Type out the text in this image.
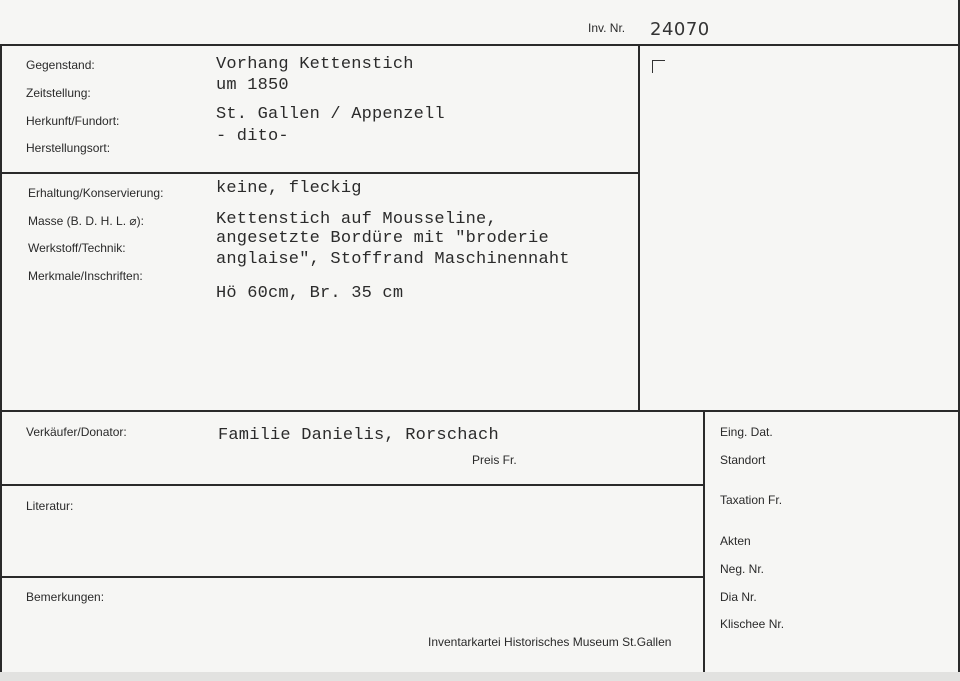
Inv. Nr. 24070
Gegenstand:
Zeitstellung:
Herkunft/Fundort:
Herstellungsort:
Vorhang Kettenstich
um 1850
St. Gallen / Appenzell
- dito-
Erhaltung/Konservierung:
Masse (B. D. H. L. ⌀):
Werkstoff/Technik:
Merkmale/Inschriften:
keine, fleckig
Kettenstich auf Mousseline,
angesetzte Bordüre mit "broderie
anglaise", Stoffrand Maschinennaht
Hö 60cm, Br. 35 cm
Verkäufer/Donator:	Familie Danielis, Rorschach
Preis Fr.
Literatur:
Bemerkungen:
Inventarkartei Historisches Museum St.Gallen
Eing. Dat.
Standort
Taxation Fr.
Akten
Neg. Nr.
Dia Nr.
Klischee Nr.
